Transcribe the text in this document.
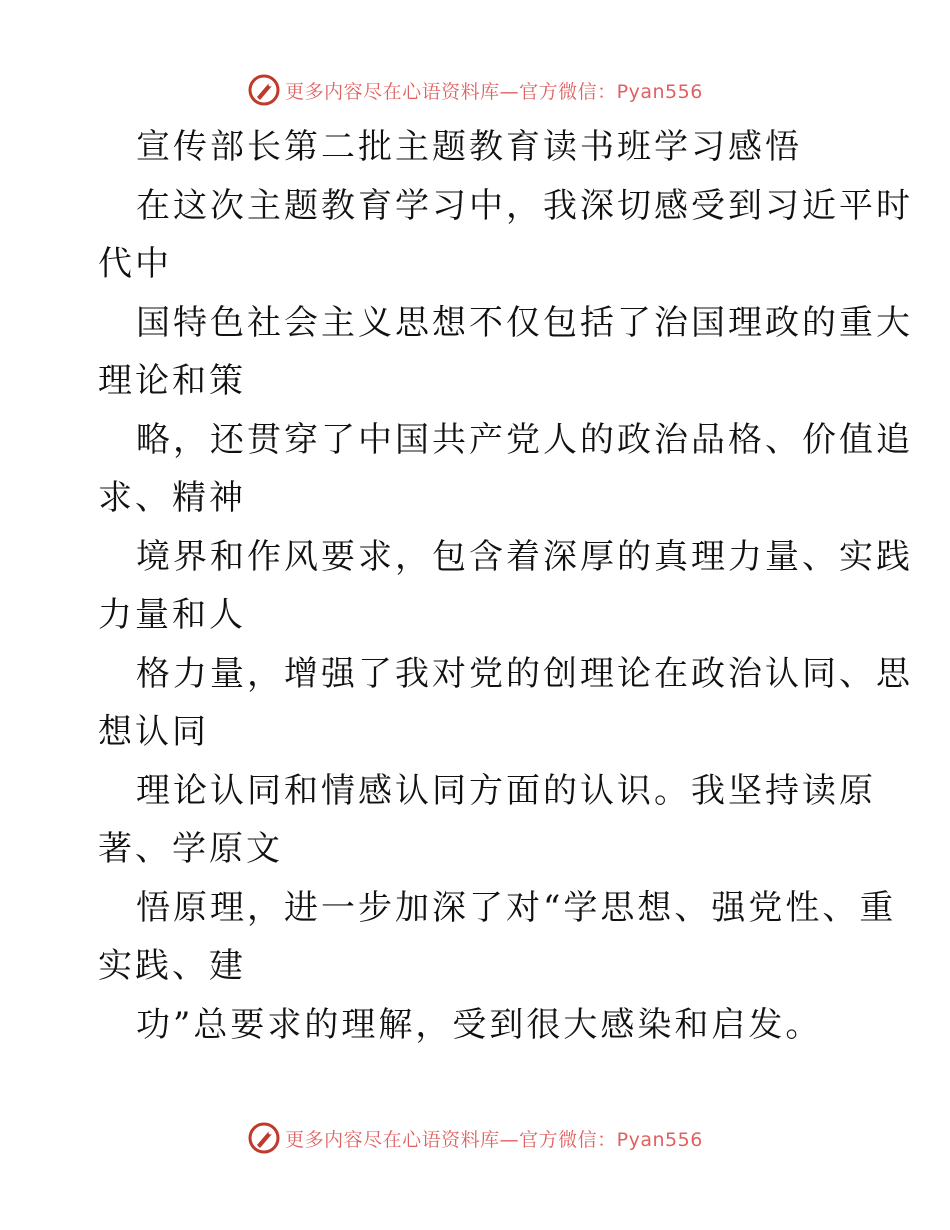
更多内容尽在心语资料库—官方微信：Pyan556
宣传部长第二批主题教育读书班学习感悟
在这次主题教育学习中，我深切感受到习近平时
代中
国特色社会主义思想不仅包括了治国理政的重大
理论和策
略，还贯穿了中国共产党人的政治品格、价值追
求、精神
境界和作风要求，包含着深厚的真理力量、实践
力量和人
格力量，增强了我对党的创理论在政治认同、思
想认同
理论认同和情感认同方面的认识。我坚持读原
著、学原文
悟原理，进一步加深了对“学思想、强党性、重
实践、建
功”总要求的理解，受到很大感染和启发。
更多内容尽在心语资料库—官方微信：Pyan556
